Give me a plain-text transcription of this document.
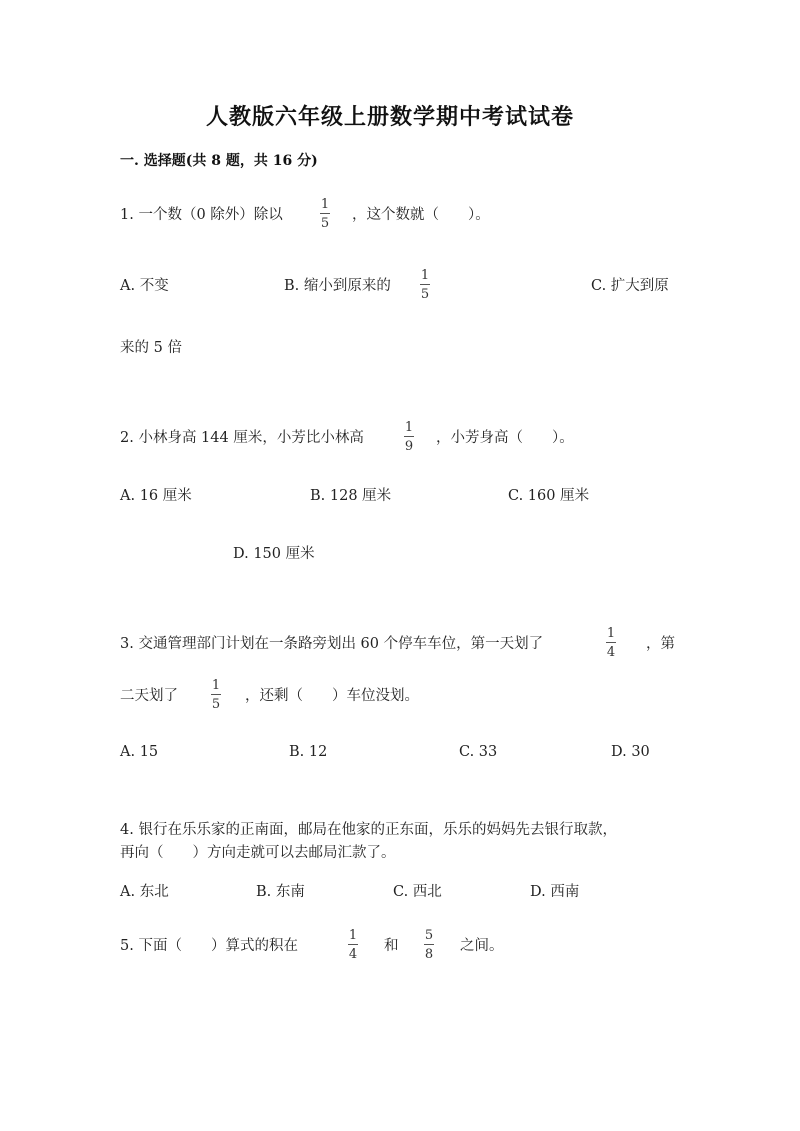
人教版六年级上册数学期中考试试卷
一. 选择题(共 8 题，共 16 分)
1. 一个数（0 除外）除以
1
5
，这个数就（　　）。
A. 不变	B. 缩小到原来的
1
5
C. 扩大到原
来的 5 倍
2. 小林身高 144 厘米，小芳比小林高
1
9
，小芳身高（　　）。
A. 16 厘米	B. 128 厘米	C. 160 厘米
D. 150 厘米
3. 交通管理部门计划在一条路旁划出 60 个停车车位，第一天划了
1
4
，第
二天划了
1
5
，还剩（　　）车位没划。
A. 15	B. 12	C. 33	D. 30
4. 银行在乐乐家的正南面，邮局在他家的正东面，乐乐的妈妈先去银行取款，
再向（　　）方向走就可以去邮局汇款了。
A. 东北	B. 东南	C. 西北	D. 西南
5. 下面（　　）算式的积在
1
4
和
5
8
之间。
